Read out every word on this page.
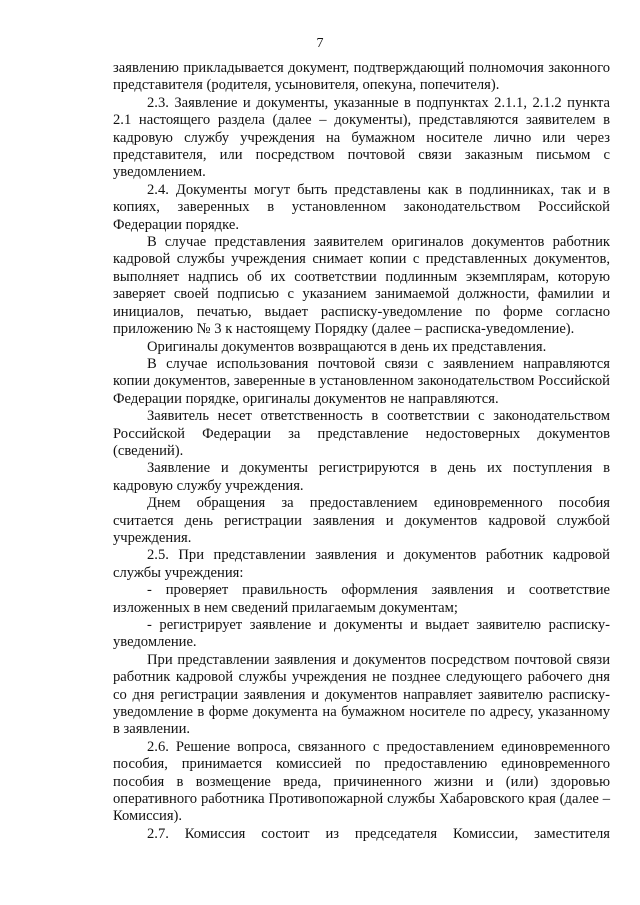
7

заявлению прикладывается документ, подтверждающий полномочия законного представителя (родителя, усыновителя, опекуна, попечителя).

2.3. Заявление и документы, указанные в подпунктах 2.1.1, 2.1.2 пункта 2.1 настоящего раздела (далее – документы), представляются заявителем в кадровую службу учреждения на бумажном носителе лично или через представителя, или посредством почтовой связи заказным письмом с уведомлением.

2.4. Документы могут быть представлены как в подлинниках, так и в копиях, заверенных в установленном законодательством Российской Федерации порядке.

В случае представления заявителем оригиналов документов работник кадровой службы учреждения снимает копии с представленных документов, выполняет надпись об их соответствии подлинным экземплярам, которую заверяет своей подписью с указанием занимаемой должности, фамилии и инициалов, печатью, выдает расписку-уведомление по форме согласно приложению № 3 к настоящему Порядку (далее – расписка-уведомление).

Оригиналы документов возвращаются в день их представления.

В случае использования почтовой связи с заявлением направляются копии документов, заверенные в установленном законодательством Российской Федерации порядке, оригиналы документов не направляются.

Заявитель несет ответственность в соответствии с законодательством Российской Федерации за представление недостоверных документов (сведений).

Заявление и документы регистрируются в день их поступления в кадровую службу учреждения.

Днем обращения за предоставлением единовременного пособия считается день регистрации заявления и документов кадровой службой учреждения.

2.5. При представлении заявления и документов работник кадровой службы учреждения:

- проверяет правильность оформления заявления и соответствие изложенных в нем сведений прилагаемым документам;

- регистрирует заявление и документы и выдает заявителю расписку-уведомление.

При представлении заявления и документов посредством почтовой связи работник кадровой службы учреждения не позднее следующего рабочего дня со дня регистрации заявления и документов направляет заявителю расписку-уведомление в форме документа на бумажном носителе по адресу, указанному в заявлении.

2.6. Решение вопроса, связанного с предоставлением единовременного пособия, принимается комиссией по предоставлению единовременного пособия в возмещение вреда, причиненного жизни и (или) здоровью оперативного работника Противопожарной службы Хабаровского края (далее – Комиссия).

2.7. Комиссия состоит из председателя Комиссии, заместителя
